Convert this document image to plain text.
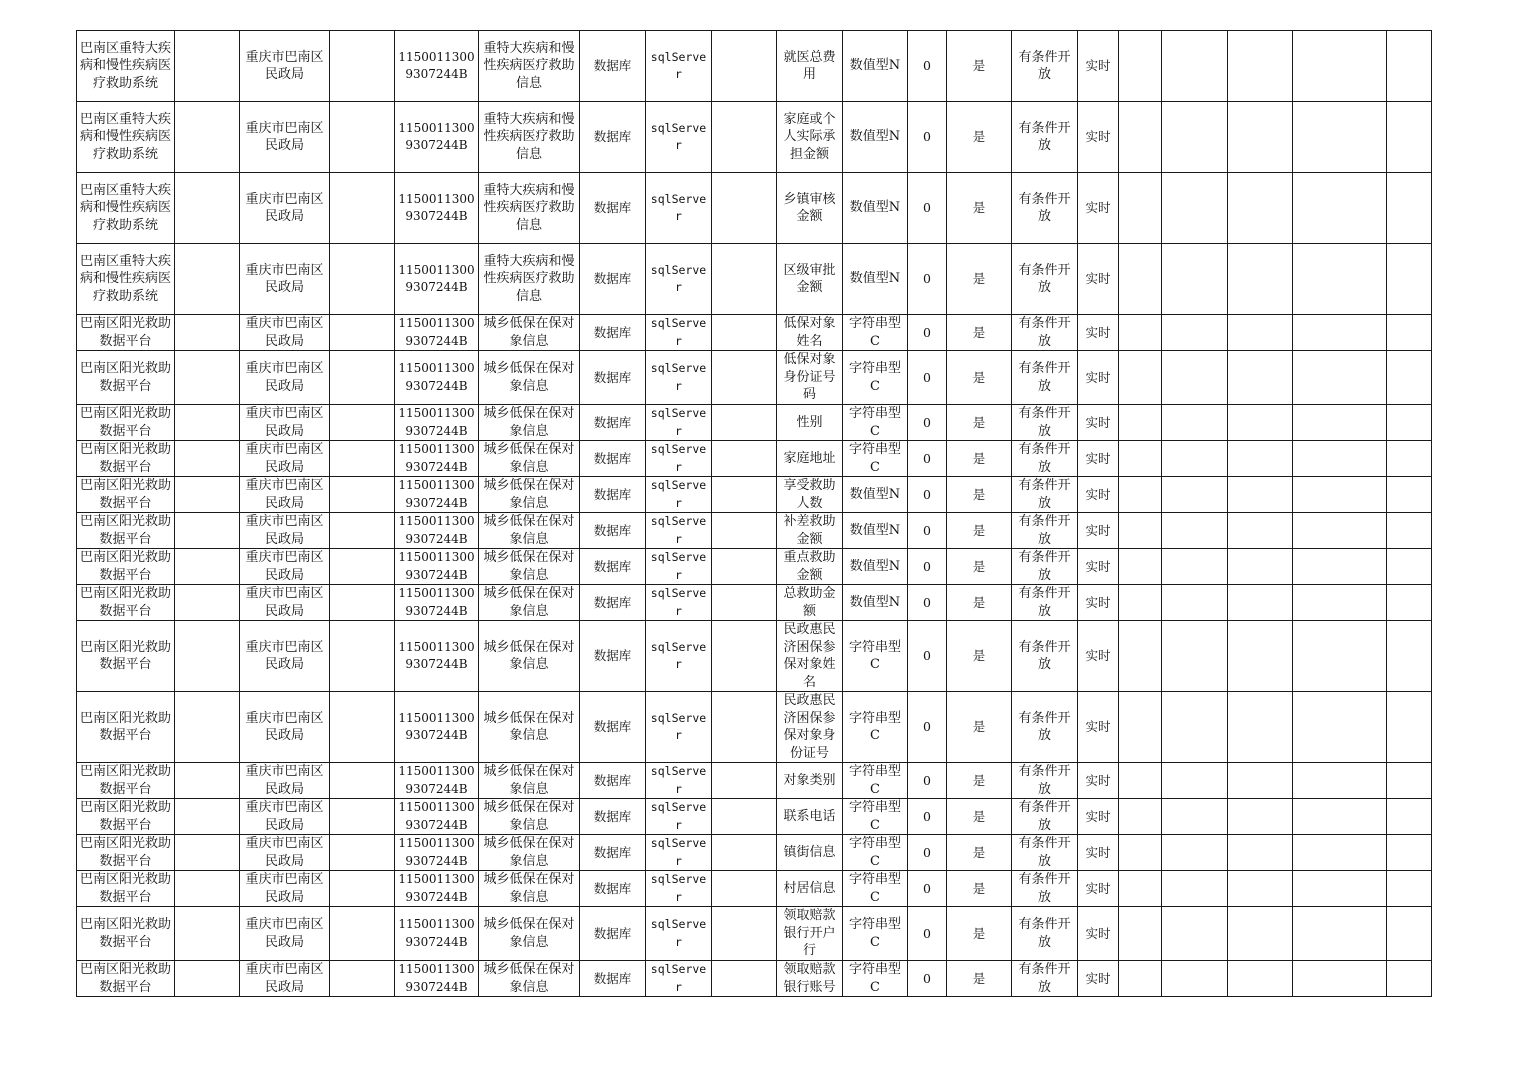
巴南区重特大疾病和慢性疾病医疗救助系统		重庆市巴南区民政局		11500113009307244B	重特大疾病和慢性疾病医疗救助信息	数据库	sqlServer		就医总费用	数值型N	0	是	有条件开放	实时					
巴南区重特大疾病和慢性疾病医疗救助系统		重庆市巴南区民政局		11500113009307244B	重特大疾病和慢性疾病医疗救助信息	数据库	sqlServer		家庭或个人实际承担金额	数值型N	0	是	有条件开放	实时					
巴南区重特大疾病和慢性疾病医疗救助系统		重庆市巴南区民政局		11500113009307244B	重特大疾病和慢性疾病医疗救助信息	数据库	sqlServer		乡镇审核金额	数值型N	0	是	有条件开放	实时					
巴南区重特大疾病和慢性疾病医疗救助系统		重庆市巴南区民政局		11500113009307244B	重特大疾病和慢性疾病医疗救助信息	数据库	sqlServer		区级审批金额	数值型N	0	是	有条件开放	实时					
巴南区阳光救助数据平台		重庆市巴南区民政局		11500113009307244B	城乡低保在保对象信息	数据库	sqlServer		低保对象姓名	字符串型C	0	是	有条件开放	实时					
巴南区阳光救助数据平台		重庆市巴南区民政局		11500113009307244B	城乡低保在保对象信息	数据库	sqlServer		低保对象身份证号码	字符串型C	0	是	有条件开放	实时					
巴南区阳光救助数据平台		重庆市巴南区民政局		11500113009307244B	城乡低保在保对象信息	数据库	sqlServer		性别	字符串型C	0	是	有条件开放	实时					
巴南区阳光救助数据平台		重庆市巴南区民政局		11500113009307244B	城乡低保在保对象信息	数据库	sqlServer		家庭地址	字符串型C	0	是	有条件开放	实时					
巴南区阳光救助数据平台		重庆市巴南区民政局		11500113009307244B	城乡低保在保对象信息	数据库	sqlServer		享受救助人数	数值型N	0	是	有条件开放	实时					
巴南区阳光救助数据平台		重庆市巴南区民政局		11500113009307244B	城乡低保在保对象信息	数据库	sqlServer		补差救助金额	数值型N	0	是	有条件开放	实时					
巴南区阳光救助数据平台		重庆市巴南区民政局		11500113009307244B	城乡低保在保对象信息	数据库	sqlServer		重点救助金额	数值型N	0	是	有条件开放	实时					
巴南区阳光救助数据平台		重庆市巴南区民政局		11500113009307244B	城乡低保在保对象信息	数据库	sqlServer		总救助金额	数值型N	0	是	有条件开放	实时					
巴南区阳光救助数据平台		重庆市巴南区民政局		11500113009307244B	城乡低保在保对象信息	数据库	sqlServer		民政惠民济困保参保对象姓名	字符串型C	0	是	有条件开放	实时					
巴南区阳光救助数据平台		重庆市巴南区民政局		11500113009307244B	城乡低保在保对象信息	数据库	sqlServer		民政惠民济困保参保对象身份证号	字符串型C	0	是	有条件开放	实时					
巴南区阳光救助数据平台		重庆市巴南区民政局		11500113009307244B	城乡低保在保对象信息	数据库	sqlServer		对象类别	字符串型C	0	是	有条件开放	实时					
巴南区阳光救助数据平台		重庆市巴南区民政局		11500113009307244B	城乡低保在保对象信息	数据库	sqlServer		联系电话	字符串型C	0	是	有条件开放	实时					
巴南区阳光救助数据平台		重庆市巴南区民政局		11500113009307244B	城乡低保在保对象信息	数据库	sqlServer		镇街信息	字符串型C	0	是	有条件开放	实时					
巴南区阳光救助数据平台		重庆市巴南区民政局		11500113009307244B	城乡低保在保对象信息	数据库	sqlServer		村居信息	字符串型C	0	是	有条件开放	实时					
巴南区阳光救助数据平台		重庆市巴南区民政局		11500113009307244B	城乡低保在保对象信息	数据库	sqlServer		领取赔款银行开户行	字符串型C	0	是	有条件开放	实时					
巴南区阳光救助数据平台		重庆市巴南区民政局		11500113009307244B	城乡低保在保对象信息	数据库	sqlServer		领取赔款银行账号	字符串型C	0	是	有条件开放	实时					
